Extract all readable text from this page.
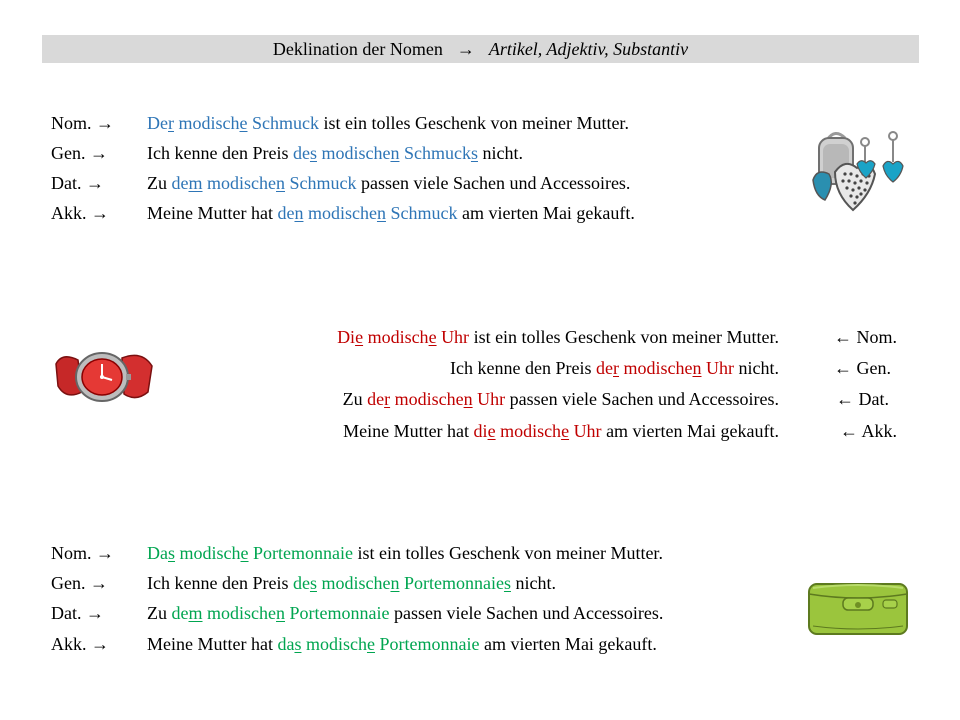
Deklination der Nomen → Artikel, Adjektiv, Substantiv
Nom. → Der modische Schmuck ist ein tolles Geschenk von meiner Mutter.
Gen. → Ich kenne den Preis des modischen Schmucks nicht.
Dat. → Zu dem modischen Schmuck passen viele Sachen und Accessoires.
Akk. → Meine Mutter hat den modischen Schmuck am vierten Mai gekauft.
Die modische Uhr ist ein tolles Geschenk von meiner Mutter.	← Nom.
Ich kenne den Preis der modischen Uhr nicht.	← Gen.
Zu der modischen Uhr passen viele Sachen und Accessoires.	← Dat.
Meine Mutter hat die modische Uhr am vierten Mai gekauft.	← Akk.
Nom. → Das modische Portemonnaie ist ein tolles Geschenk von meiner Mutter.
Gen. → Ich kenne den Preis des modischen Portemonnaies nicht.
Dat. → Zu dem modischen Portemonnaie passen viele Sachen und Accessoires.
Akk. → Meine Mutter hat das modische Portemonnaie am vierten Mai gekauft.
